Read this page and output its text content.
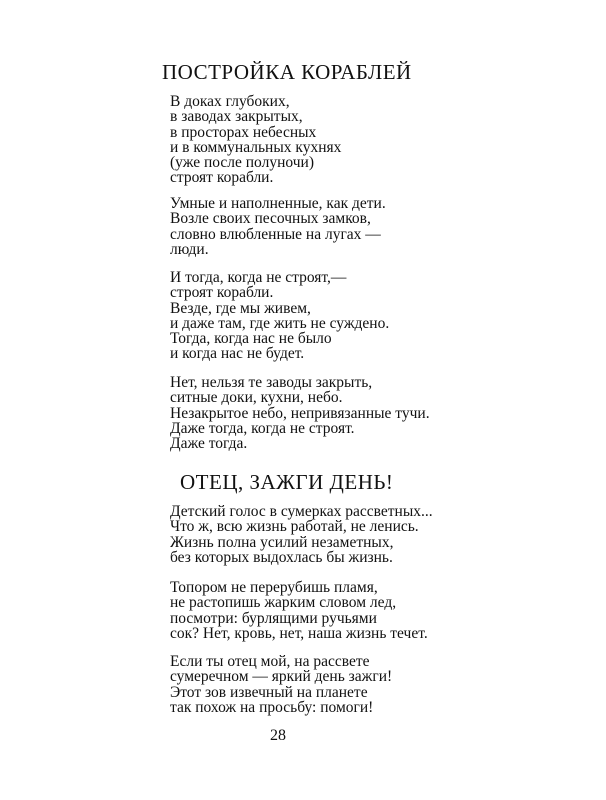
ПОСТРОЙКА КОРАБЛЕЙ
В доках глубоких,
в заводах закрытых,
в просторах небесных
и в коммунальных кухнях
(уже после полуночи)
строят корабли.
Умные и наполненные, как дети.
Возле своих песочных замков,
словно влюбленные на лугах —
люди.
И тогда, когда не строят,—
строят корабли.
Везде, где мы живем,
и даже там, где жить не суждено.
Тогда, когда нас не было
и когда нас не будет.
Нет, нельзя те заводы закрыть,
ситные доки, кухни, небо.
Незакрытое небо, непривязанные тучи.
Даже тогда, когда не строят.
Даже тогда.
ОТЕЦ, ЗАЖГИ ДЕНЬ!
Детский голос в сумерках рассветных...
Что ж, всю жизнь работай, не ленись.
Жизнь полна усилий незаметных,
без которых выдохлась бы жизнь.
Топором не перерубишь пламя,
не растопишь жарким словом лед,
посмотри: бурлящими ручьями
сок? Нет, кровь, нет, наша жизнь течет.
Если ты отец мой, на рассвете
сумеречном — яркий день зажги!
Этот зов извечный на планете
так похож на просьбу: помоги!
28
